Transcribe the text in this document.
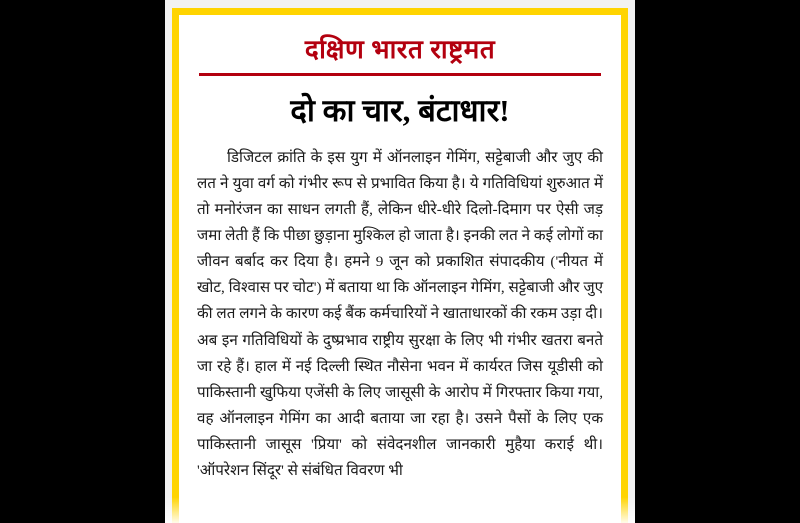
दक्षिण भारत राष्ट्रमत
दो का चार, बंटाधार!

डिजिटल क्रांति के इस युग में ऑनलाइन गेमिंग, सट्टेबाजी और जुए की लत ने युवा वर्ग को गंभीर रूप से प्रभावित किया है। ये गतिविधियां शुरुआत में तो मनोरंजन का साधन लगती हैं, लेकिन धीरे-धीरे दिलो-दिमाग पर ऐसी जड़ जमा लेती हैं कि पीछा छुड़ाना मुश्किल हो जाता है। इनकी लत ने कई लोगों का जीवन बर्बाद कर दिया है। हमने 9 जून को प्रकाशित संपादकीय ('नीयत में खोट, विश्वास पर चोट') में बताया था कि ऑनलाइन गेमिंग, सट्टेबाजी और जुए की लत लगने के कारण कई बैंक कर्मचारियों ने खाताधारकों की रकम उड़ा दी। अब इन गतिविधियों के दुष्प्रभाव राष्ट्रीय सुरक्षा के लिए भी गंभीर खतरा बनते जा रहे हैं। हाल में नई दिल्ली स्थित नौसेना भवन में कार्यरत जिस यूडीसी को पाकिस्तानी खुफिया एजेंसी के लिए जासूसी के आरोप में गिरफ्तार किया गया, वह ऑनलाइन गेमिंग का आदी बताया जा रहा है। उसने पैसों के लिए एक पाकिस्तानी जासूस 'प्रिया' को संवेदनशील जानकारी मुहैया कराई थी। 'ऑपरेशन सिंदूर' से संबंधित विवरण भी
